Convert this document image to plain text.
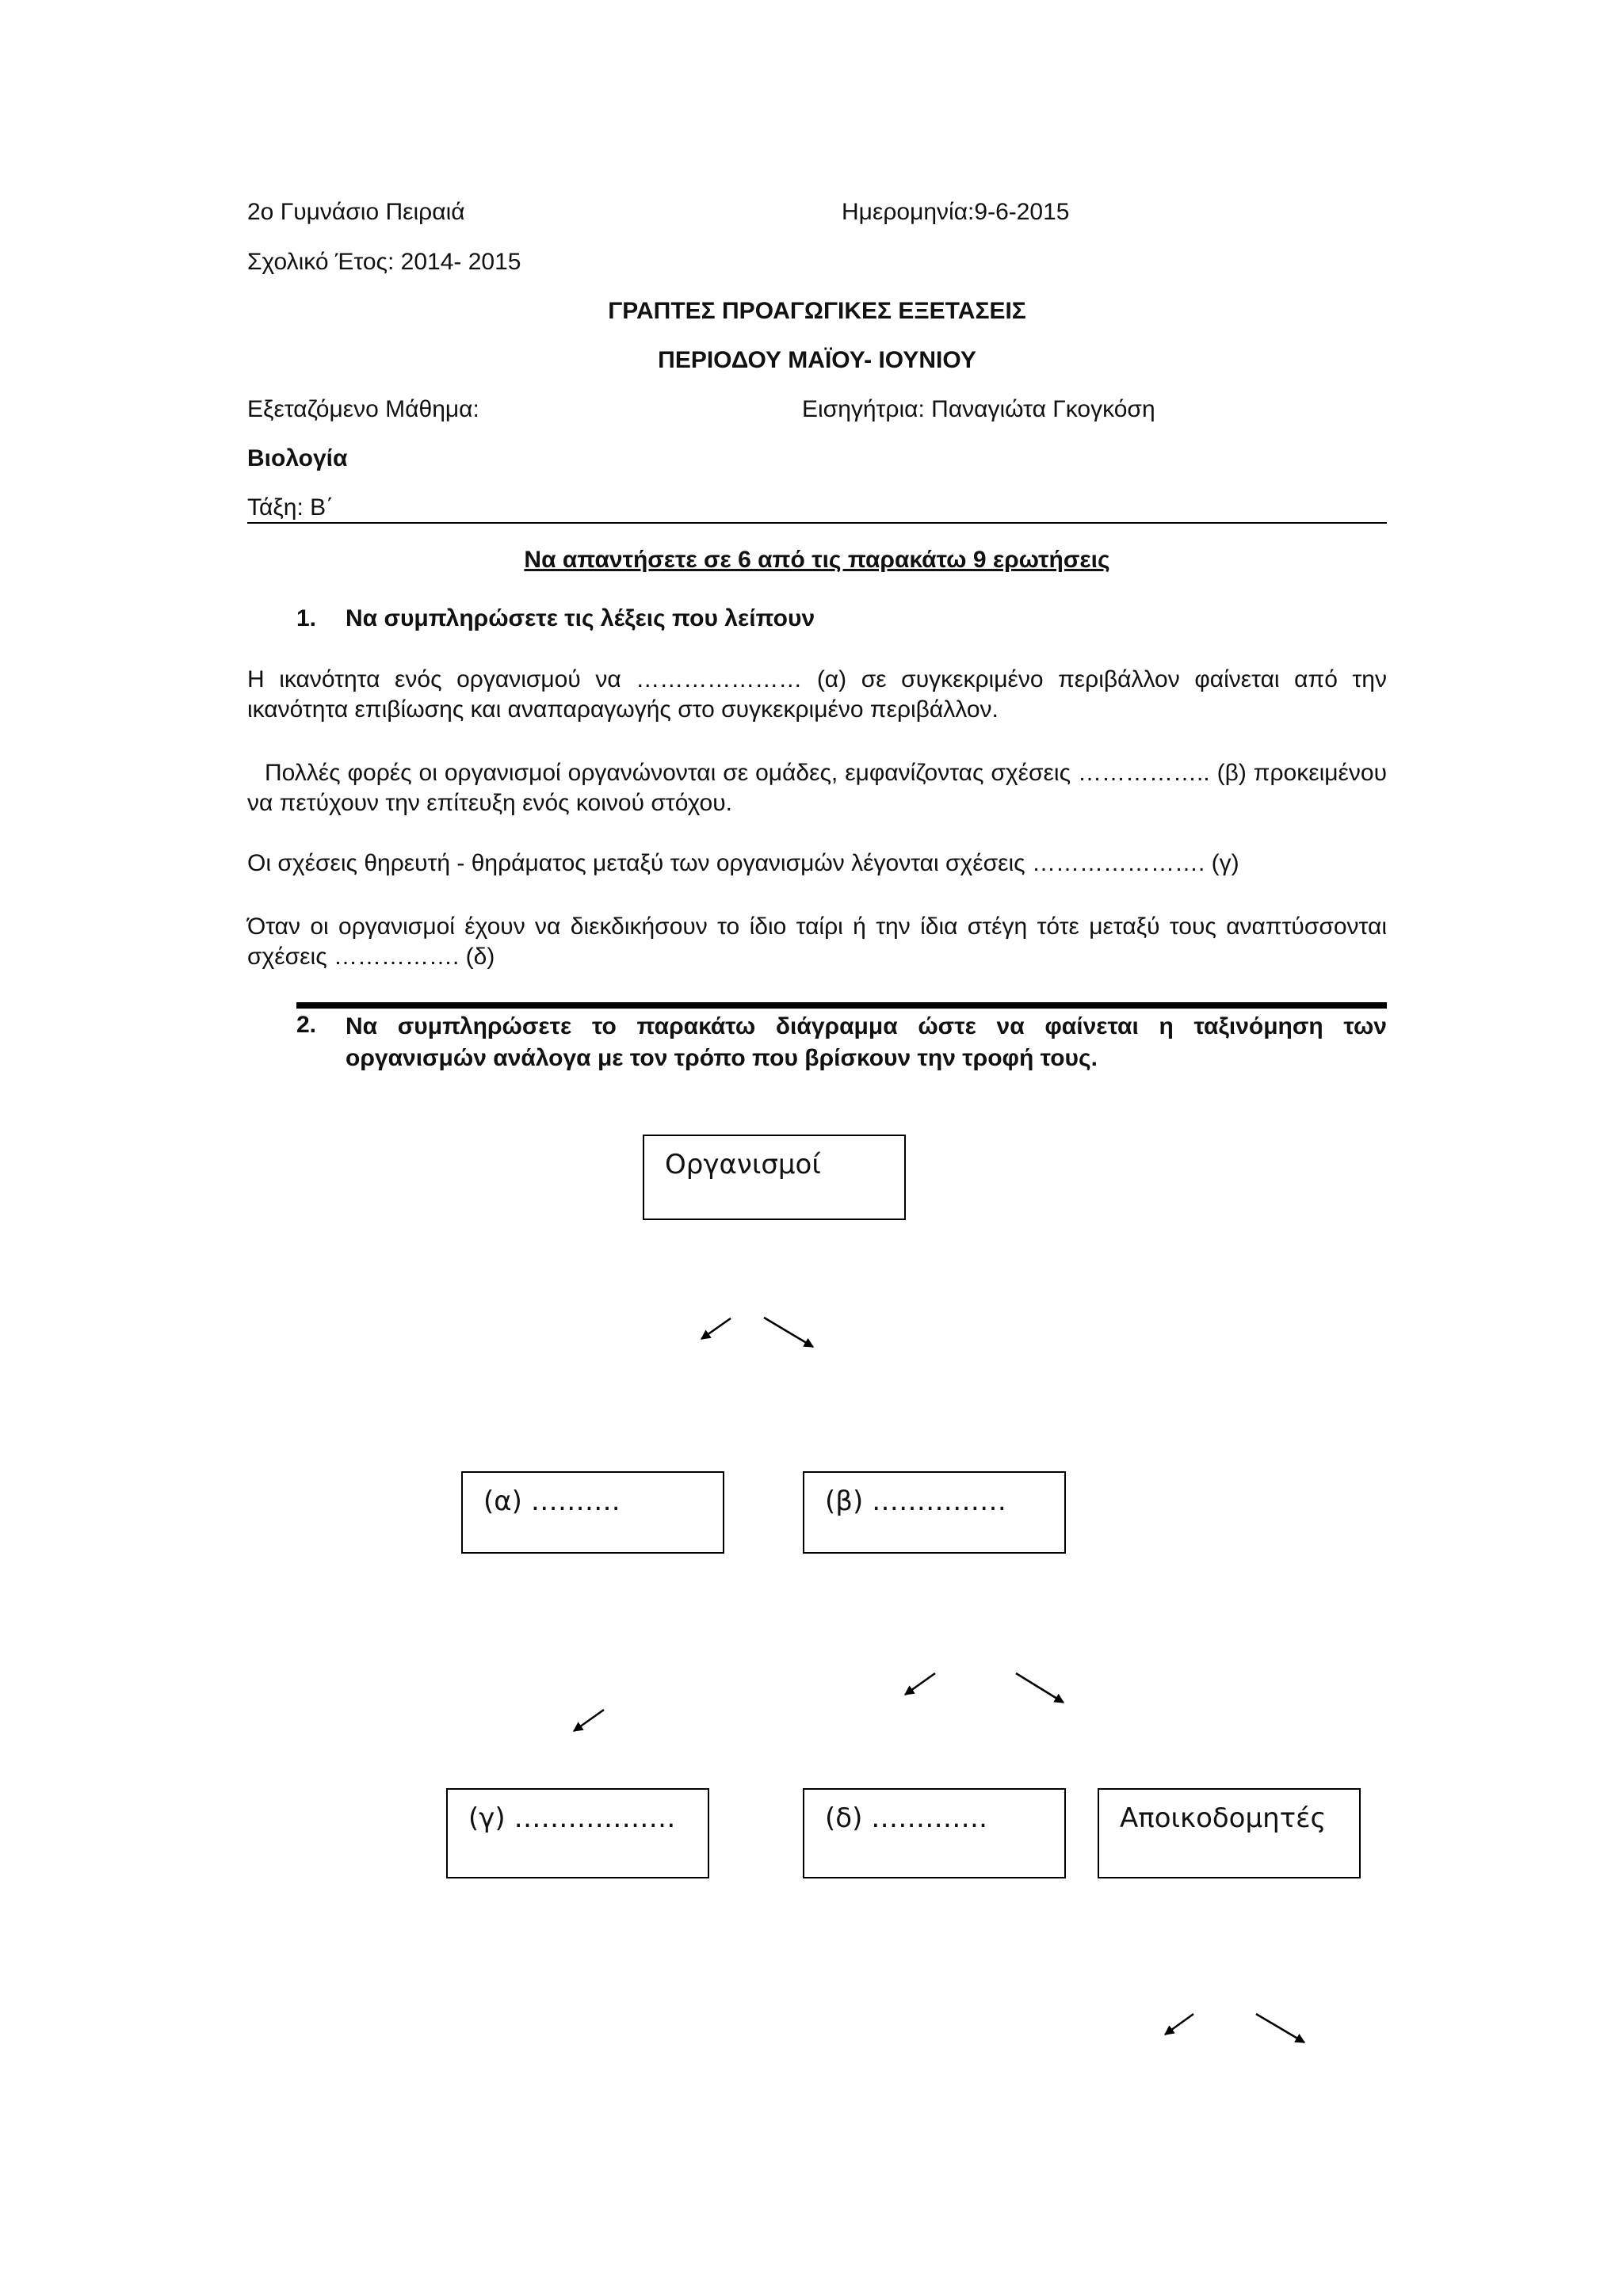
2ο Γυμνάσιο Πειραιά	Ημερομηνία:9-6-2015
Σχολικό Έτος: 2014- 2015
ΓΡΑΠΤΕΣ ΠΡΟΑΓΩΓΙΚΕΣ ΕΞΕΤΑΣΕΙΣ
ΠΕΡΙΟΔΟΥ ΜΑΪΟΥ- ΙΟΥΝΙΟΥ
Εξεταζόμενο Μάθημα:	Εισηγήτρια: Παναγιώτα Γκογκόση
Βιολογία
Τάξη: Β΄
Να απαντήσετε σε 6 από τις παρακάτω 9 ερωτήσεις
1. Να συμπληρώσετε τις λέξεις που λείπουν
Η ικανότητα ενός οργανισμού να ………………… (α) σε συγκεκριμένο περιβάλλον φαίνεται από την ικανότητα επιβίωσης και αναπαραγωγής στο συγκεκριμένο περιβάλλον.
Πολλές φορές οι οργανισμοί οργανώνονται σε ομάδες, εμφανίζοντας σχέσεις …………….. (β) προκειμένου να πετύχουν την επίτευξη ενός κοινού στόχου.
Οι σχέσεις θηρευτή - θηράματος μεταξύ των οργανισμών λέγονται σχέσεις …………………. (γ)
Όταν οι οργανισμοί έχουν να διεκδικήσουν το ίδιο ταίρι ή την ίδια στέγη τότε μεταξύ τους αναπτύσσονται σχέσεις ……………. (δ)
2. Να συμπληρώσετε το παρακάτω διάγραμμα ώστε να φαίνεται η ταξινόμηση των οργανισμών ανάλογα με τον τρόπο που βρίσκουν την τροφή τους.
Οργανισμοί
(α) ……….	(β) ……………
(γ) ………………	(δ) ………….	Αποικοδομητές
